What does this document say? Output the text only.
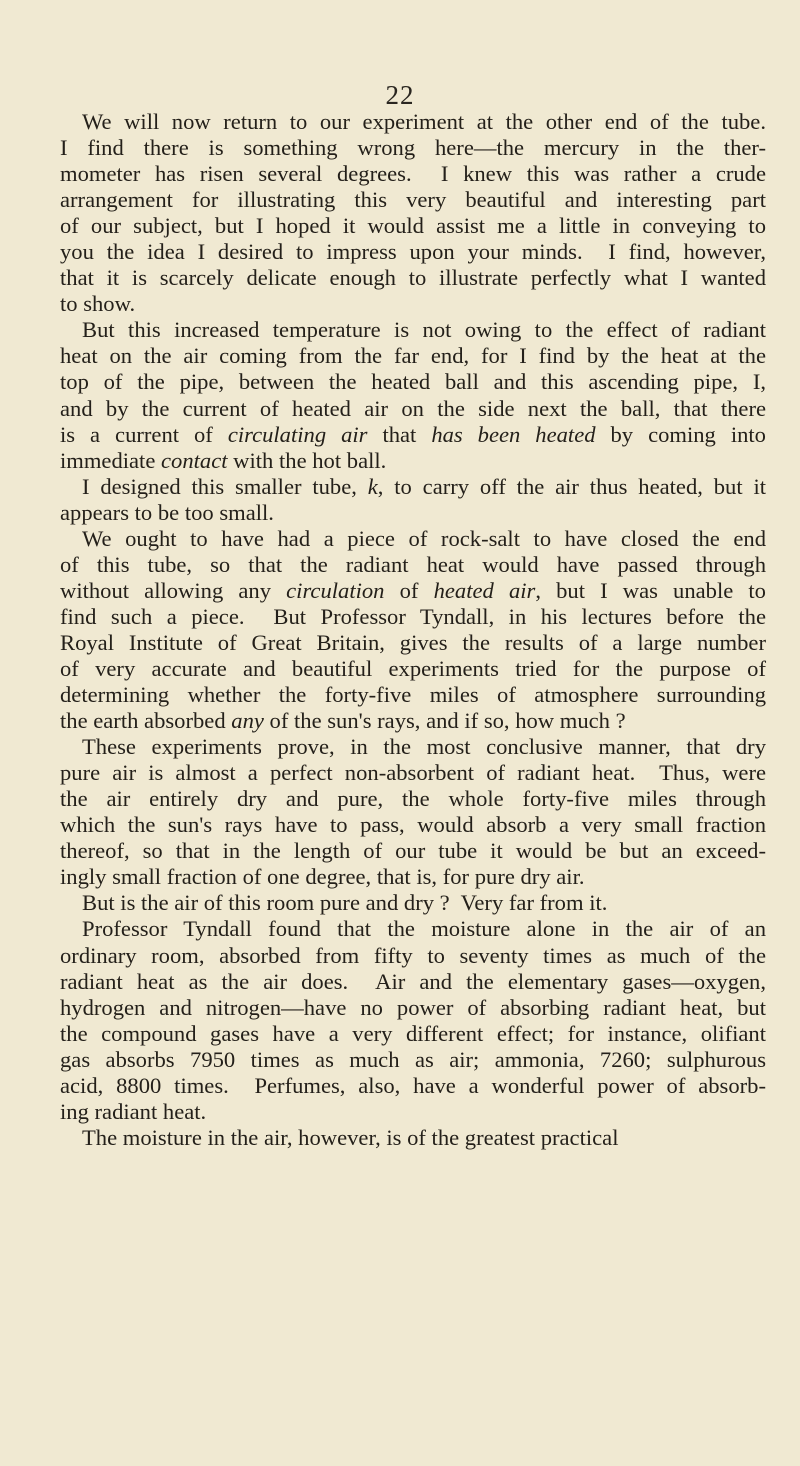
22
We will now return to our experiment at the other end of the tube.
I find there is something wrong here—the mercury in the ther-
mometer has risen several degrees.  I knew this was rather a crude
arrangement for illustrating this very beautiful and interesting part
of our subject, but I hoped it would assist me a little in conveying to
you the idea I desired to impress upon your minds.  I find, however,
that it is scarcely delicate enough to illustrate perfectly what I wanted
to show.
But this increased temperature is not owing to the effect of radiant
heat on the air coming from the far end, for I find by the heat at the
top of the pipe, between the heated ball and this ascending pipe, I,
and by the current of heated air on the side next the ball, that there
is a current of circulating air that has been heated by coming into
immediate contact with the hot ball.
I designed this smaller tube, k, to carry off the air thus heated, but it
appears to be too small.
We ought to have had a piece of rock-salt to have closed the end
of this tube, so that the radiant heat would have passed through
without allowing any circulation of heated air, but I was unable to
find such a piece.  But Professor Tyndall, in his lectures before the
Royal Institute of Great Britain, gives the results of a large number
of very accurate and beautiful experiments tried for the purpose of
determining whether the forty-five miles of atmosphere surrounding
the earth absorbed any of the sun's rays, and if so, how much ?
These experiments prove, in the most conclusive manner, that dry
pure air is almost a perfect non-absorbent of radiant heat.  Thus, were
the air entirely dry and pure, the whole forty-five miles through
which the sun's rays have to pass, would absorb a very small fraction
thereof, so that in the length of our tube it would be but an exceed-
ingly small fraction of one degree, that is, for pure dry air.
But is the air of this room pure and dry ?  Very far from it.
Professor Tyndall found that the moisture alone in the air of an
ordinary room, absorbed from fifty to seventy times as much of the
radiant heat as the air does.  Air and the elementary gases—oxygen,
hydrogen and nitrogen—have no power of absorbing radiant heat, but
the compound gases have a very different effect; for instance, olifiant
gas absorbs 7950 times as much as air; ammonia, 7260; sulphurous
acid, 8800 times.  Perfumes, also, have a wonderful power of absorb-
ing radiant heat.
The moisture in the air, however, is of the greatest practical
